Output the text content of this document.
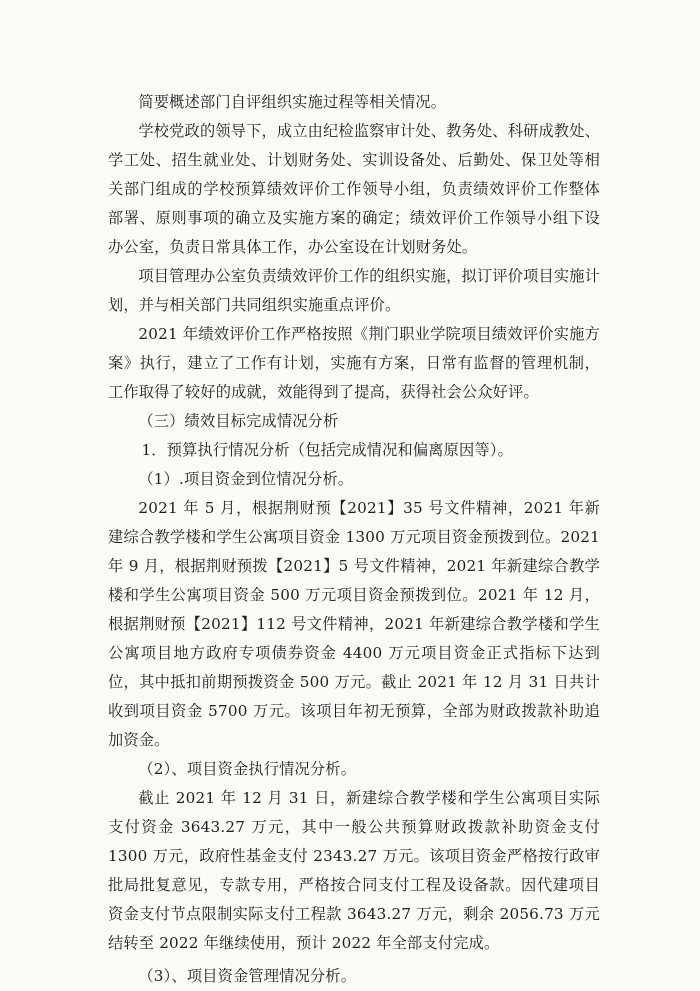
简要概述部门自评组织实施过程等相关情况。

学校党政的领导下，成立由纪检监察审计处、教务处、科研成教处、学工处、招生就业处、计划财务处、实训设备处、后勤处、保卫处等相关部门组成的学校预算绩效评价工作领导小组，负责绩效评价工作整体部署、原则事项的确立及实施方案的确定；绩效评价工作领导小组下设办公室，负责日常具体工作，办公室设在计划财务处。

项目管理办公室负责绩效评价工作的组织实施，拟订评价项目实施计划，并与相关部门共同组织实施重点评价。

2021 年绩效评价工作严格按照《荆门职业学院项目绩效评价实施方案》执行，建立了工作有计划，实施有方案，日常有监督的管理机制，工作取得了较好的成就，效能得到了提高，获得社会公众好评。

（三）绩效目标完成情况分析

1．预算执行情况分析（包括完成情况和偏离原因等）。

（1）.项目资金到位情况分析。

2021 年 5 月，根据荆财预【2021】35 号文件精神，2021 年新建综合教学楼和学生公寓项目资金 1300 万元项目资金预拨到位。2021 年 9 月，根据荆财预拨【2021】5 号文件精神，2021 年新建综合教学楼和学生公寓项目资金 500 万元项目资金预拨到位。2021 年 12 月，根据荆财预【2021】112 号文件精神，2021 年新建综合教学楼和学生公寓项目地方政府专项债券资金 4400 万元项目资金正式指标下达到位，其中抵扣前期预拨资金 500 万元。截止 2021 年 12 月 31 日共计收到项目资金 5700 万元。该项目年初无预算，全部为财政拨款补助追加资金。

（2）、项目资金执行情况分析。

截止 2021 年 12 月 31 日，新建综合教学楼和学生公寓项目实际支付资金 3643.27 万元，其中一般公共预算财政拨款补助资金支付 1300 万元，政府性基金支付 2343.27 万元。该项目资金严格按行政审批局批复意见，专款专用，严格按合同支付工程及设备款。因代建项目资金支付节点限制实际支付工程款 3643.27 万元，剩余 2056.73 万元结转至 2022 年继续使用，预计 2022 年全部支付完成。

（3）、项目资金管理情况分析。
